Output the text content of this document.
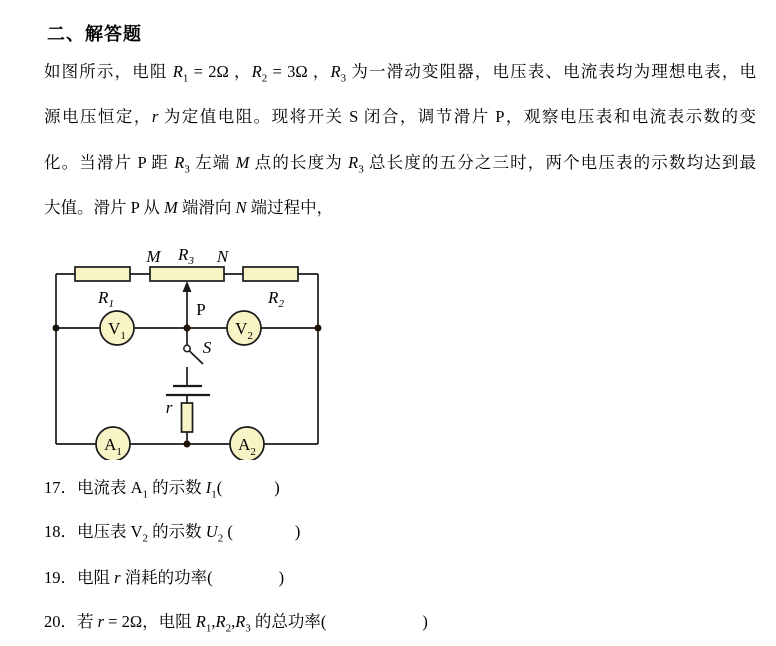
二、解答题
如图所示，电阻 $R_1 = 2\Omega$ ，$R_2 = 3\Omega$ ，$R_3$ 为一滑动变阻器，电压表、电流表均为理想电表，电
源电压恒定，r 为定值电阻。现将开关 S 闭合，调节滑片 P，观察电压表和电流表示数的变
化。当滑片 P 距 $R_3$ 左端 M 点的长度为 $R_3$ 总长度的五分之三时，两个电压表的示数均达到最
大值。滑片 P 从 M 端滑向 N 端过程中，
M $R_3$ N
$R_1$	$R_2$
P
S
r
$V_1$	$V_2$
$A_1$	$A_2$
17．电流表 $A_1$ 的示数 $I_1$(	)
18．电压表 $V_2$ 的示数 $U_2$ (	)
19．电阻 r 消耗的功率(	)
20．若 r = 2Ω，电阻 $R_1,R_2,R_3$ 的总功率(	)
